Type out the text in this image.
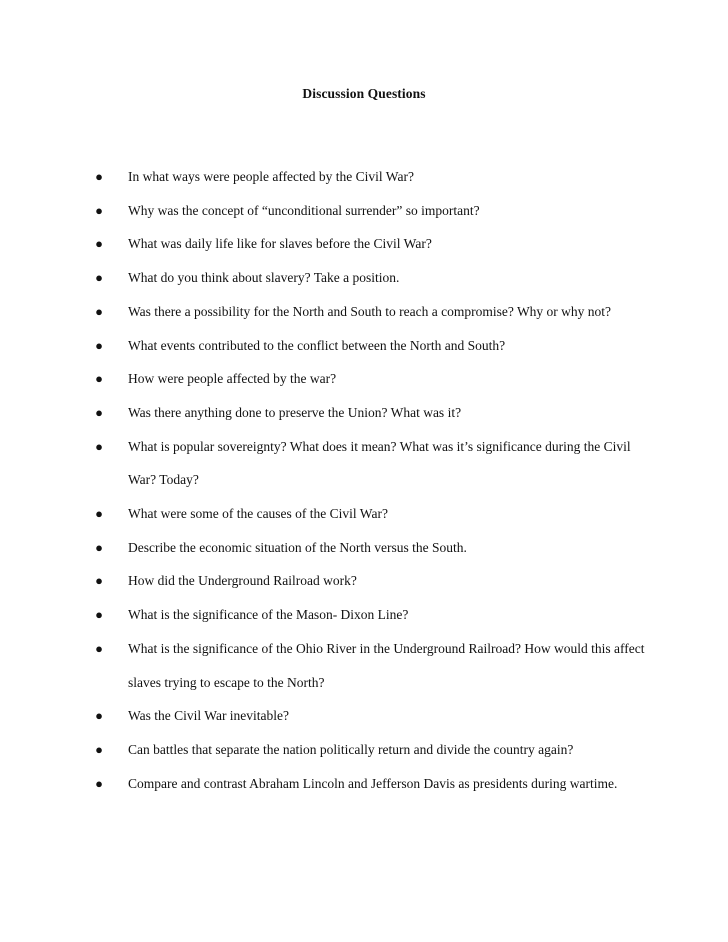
Discussion Questions
● In what ways were people affected by the Civil War?
● Why was the concept of “unconditional surrender” so important?
● What was daily life like for slaves before the Civil War?
● What do you think about slavery? Take a position.
● Was there a possibility for the North and South to reach a compromise? Why or why not?
● What events contributed to the conflict between the North and South?
● How were people affected by the war?
● Was there anything done to preserve the Union? What was it?
● What is popular sovereignty? What does it mean? What was it’s significance during the Civil War? Today?
● What were some of the causes of the Civil War?
● Describe the economic situation of the North versus the South.
● How did the Underground Railroad work?
● What is the significance of the Mason- Dixon Line?
● What is the significance of the Ohio River in the Underground Railroad? How would this affect slaves trying to escape to the North?
● Was the Civil War inevitable?
● Can battles that separate the nation politically return and divide the country again?
● Compare and contrast Abraham Lincoln and Jefferson Davis as presidents during wartime.
